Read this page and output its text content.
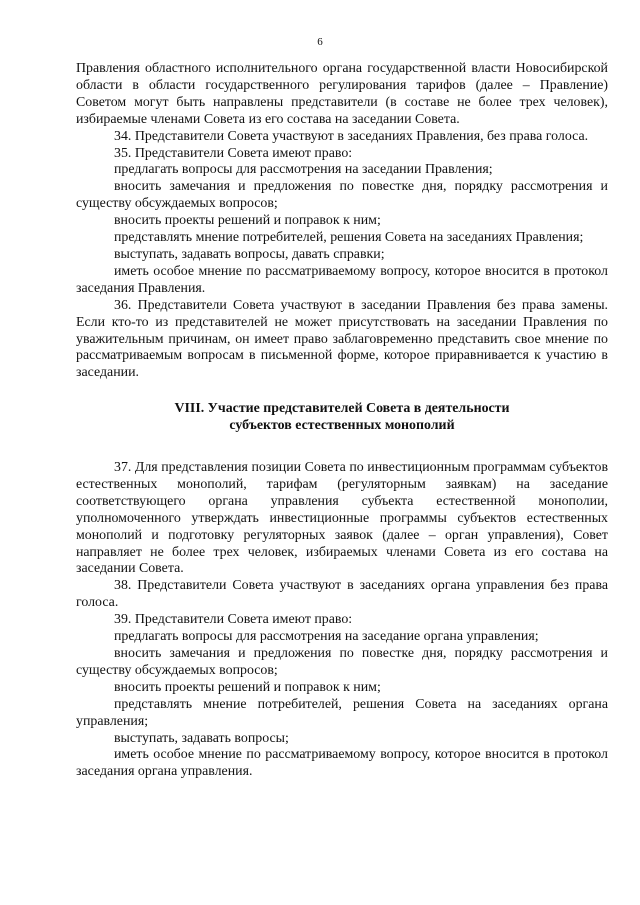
6

Правления областного исполнительного органа государственной власти Новосибирской области в области государственного регулирования тарифов (далее – Правление) Советом могут быть направлены представители (в составе не более трех человек), избираемые членами Совета из его состава на заседании Совета.

34. Представители Совета участвуют в заседаниях Правления, без права голоса.

35. Представители Совета имеют право:

предлагать вопросы для рассмотрения на заседании Правления;

вносить замечания и предложения по повестке дня, порядку рассмотрения и существу обсуждаемых вопросов;

вносить проекты решений и поправок к ним;

представлять мнение потребителей, решения Совета на заседаниях Правления;

выступать, задавать вопросы, давать справки;

иметь особое мнение по рассматриваемому вопросу, которое вносится в протокол заседания Правления.

36. Представители Совета участвуют в заседании Правления без права замены. Если кто-то из представителей не может присутствовать на заседании Правления по уважительным причинам, он имеет право заблаговременно представить свое мнение по рассматриваемым вопросам в письменной форме, которое приравнивается к участию в заседании.

VIII. Участие представителей Совета в деятельности
субъектов естественных монополий

37. Для представления позиции Совета по инвестиционным программам субъектов естественных монополий, тарифам (регуляторным заявкам) на заседание соответствующего органа управления субъекта естественной монополии, уполномоченного утверждать инвестиционные программы субъектов естественных монополий и подготовку регуляторных заявок (далее – орган управления), Совет направляет не более трех человек, избираемых членами Совета из его состава на заседании Совета.

38. Представители Совета участвуют в заседаниях органа управления без права голоса.

39. Представители Совета имеют право:

предлагать вопросы для рассмотрения на заседание органа управления;

вносить замечания и предложения по повестке дня, порядку рассмотрения и существу обсуждаемых вопросов;

вносить проекты решений и поправок к ним;

представлять мнение потребителей, решения Совета на заседаниях органа управления;

выступать, задавать вопросы;

иметь особое мнение по рассматриваемому вопросу, которое вносится в протокол заседания органа управления.
